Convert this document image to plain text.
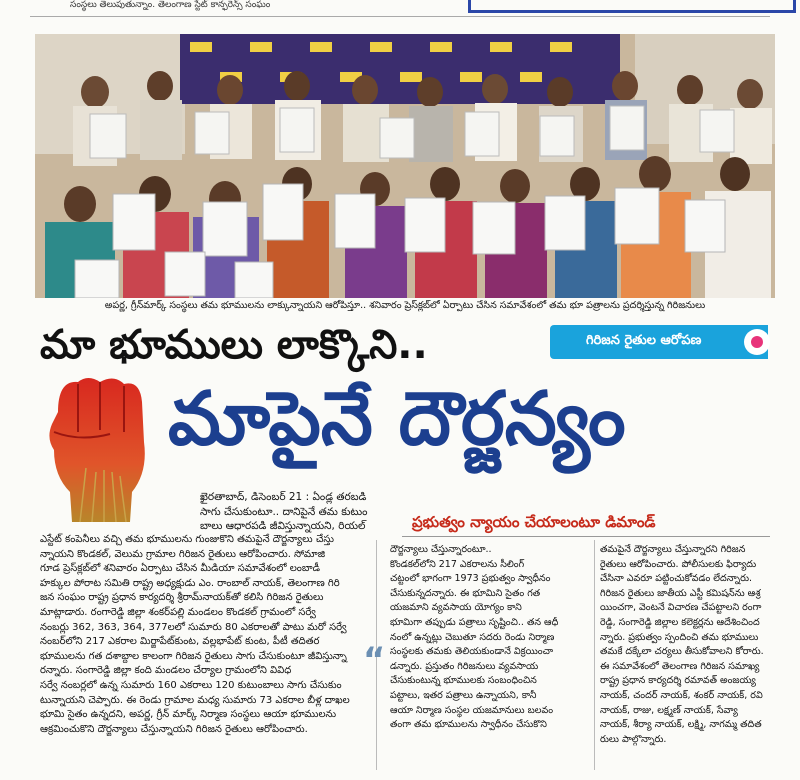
సంస్థలు తెలుపుతున్నాం. తెలంగాణ స్టేట్ కాన్ఫరెన్స్ సంఘం
అపర్ణ, గ్రీన్‌మార్క్ సంస్థలు తమ భూములను లాక్కున్నాయని ఆరోపిస్తూ.. శనివారం ప్రెస్‌క్లబ్‌లో ఏర్పాటు చేసిన సమావేశంలో తమ భూ పత్రాలను ప్రదర్శిస్తున్న గిరిజనులు
మా భూములు లాక్కొని..	గిరిజన రైతుల ఆరోపణ
మాపైనే దౌర్జన్యం

ఖైరతాబాద్, డిసెంబర్ 21 : ఏండ్ల తరబడి

సాగు చేసుకుంటూ.. దానిపైనే తమ కుటుం

బాలు ఆధారపడి జీవిస్తున్నాయని, రియల్	ప్రభుత్వం న్యాయం చేయాలంటూ డిమాండ్

ఎస్టేట్ కంపెనీలు వచ్చి తమ భూములను గుంజుకొని తమపైనే దౌర్జన్యాలు చేస్తు

న్నాయని కొండకల్, వెలుమ గ్రామాల గిరిజన రైతులు ఆరోపించారు. సోమాజి

గూడ ప్రెస్‌క్లబ్‌లో శనివారం ఏర్పాటు చేసిన మీడియా సమావేశంలో లంబాడీ

హక్కుల పోరాట సమితి రాష్ట్ర అధ్యక్షుడు ఎం. రాంబాల్ నాయక్, తెలంగాణ గిరి

జన సంఘం రాష్ట్ర ప్రధాన కార్యదర్శి శ్రీరామ్‌నాయక్‌తో కలిసి గిరిజన రైతులు

మాట్లాడారు. రంగారెడ్డి జిల్లా శంకర్‌పల్లి మండలం కొండకల్ గ్రామంలో సర్వే

నంబర్లు 362, 363, 364, 377లలో సుమారు 80 ఎకరాలతో పాటు మరో సర్వే

నంబర్‌లోని 217 ఎకరాల మిర్జాపేట్‌కుంట, వల్లభాపేట్ కుంట, పీటీ తదితర

భూములను గత దశాబ్దాల కాలంగా గిరిజన రైతులు సాగు చేసుకుంటూ జీవిస్తున్నా

రన్నారు. సంగారెడ్డి జిల్లా కంది మండలం చేర్యాల గ్రామంలోని వివిధ

సర్వే నంబర్లలో ఉన్న సుమారు 160 ఎకరాలు 120 కుటుంబాలు సాగు చేసుకుం

టున్నాయని చెప్పారు. ఈ రెండు గ్రామాల మధ్య సుమారు 73 ఎకరాల బీళ్ల దాఖల

భూమి సైతం ఉన్నదని, అపర్ణ, గ్రీన్ మార్క్ నిర్మాణ సంస్థలు ఆయా భూములను

ఆక్రమించుకొని దౌర్జన్యాలు చేస్తున్నాయని గిరిజన రైతులు ఆరోపించారు.

“

దౌర్జన్యాలు చేస్తున్నారంటూ..

కొండకల్‌లోని 217 ఎకరాలను సీలింగ్

చట్టంలో భాగంగా 1973 ప్రభుత్వం స్వాధీనం

చేసుకున్నదన్నారు. ఈ భూమిని సైతం గత

యజమాని వ్యవసాయ యోగ్యం కాని

భూమిగా తప్పుడు పత్రాలు సృష్టించి.. తన ఆధీ

నంలో ఉన్నట్లు చెబుతూ సదరు రెండు నిర్మాణ

సంస్థలకు తమకు తెలియకుండానే విక్రయించా

డన్నారు. ప్రస్తుతం గిరిజనులు వ్యవసాయ

చేసుకుంటున్న భూములకు సంబంధించిన

పట్టాలు, ఇతర పత్రాలు ఉన్నాయని, కానీ

ఆయా నిర్మాణ సంస్థల యజమానులు బలవం

తంగా తమ భూములను స్వాధీనం చేసుకొని

తమపైనే దౌర్జన్యాలు చేస్తున్నారని గిరిజన

రైతులు ఆరోపించారు. పోలీసులకు ఫిర్యాదు

చేసినా ఎవరూ పట్టించుకోవడం లేదన్నారు.

గిరిజన రైతులు జాతీయ ఎస్టీ కమిషన్‌ను ఆశ్ర

యించగా, వెంటనే విచారణ చేపట్టాలని రంగా

రెడ్డి, సంగారెడ్డి జిల్లాల కలెక్టర్లను ఆదేశించింద

న్నారు. ప్రభుత్వం స్పందించి తమ భూములు

తమకే దక్కేలా చర్యలు తీసుకోవాలని కోరారు.

ఈ సమావేశంలో తెలంగాణ గిరిజన సమాఖ్య

రాష్ట్ర ప్రధాన కార్యదర్శి రమావత్ అంజయ్య

నాయక్, చందర్ నాయక్, శంకర్ నాయక్, రవి

నాయక్, రాజు, లక్ష్మణ్ నాయక్, సేవ్యా

నాయక్, శీర్యా నాయక్, లక్ష్మి, నాగమ్మ తదిత

రులు పాల్గొన్నారు.
